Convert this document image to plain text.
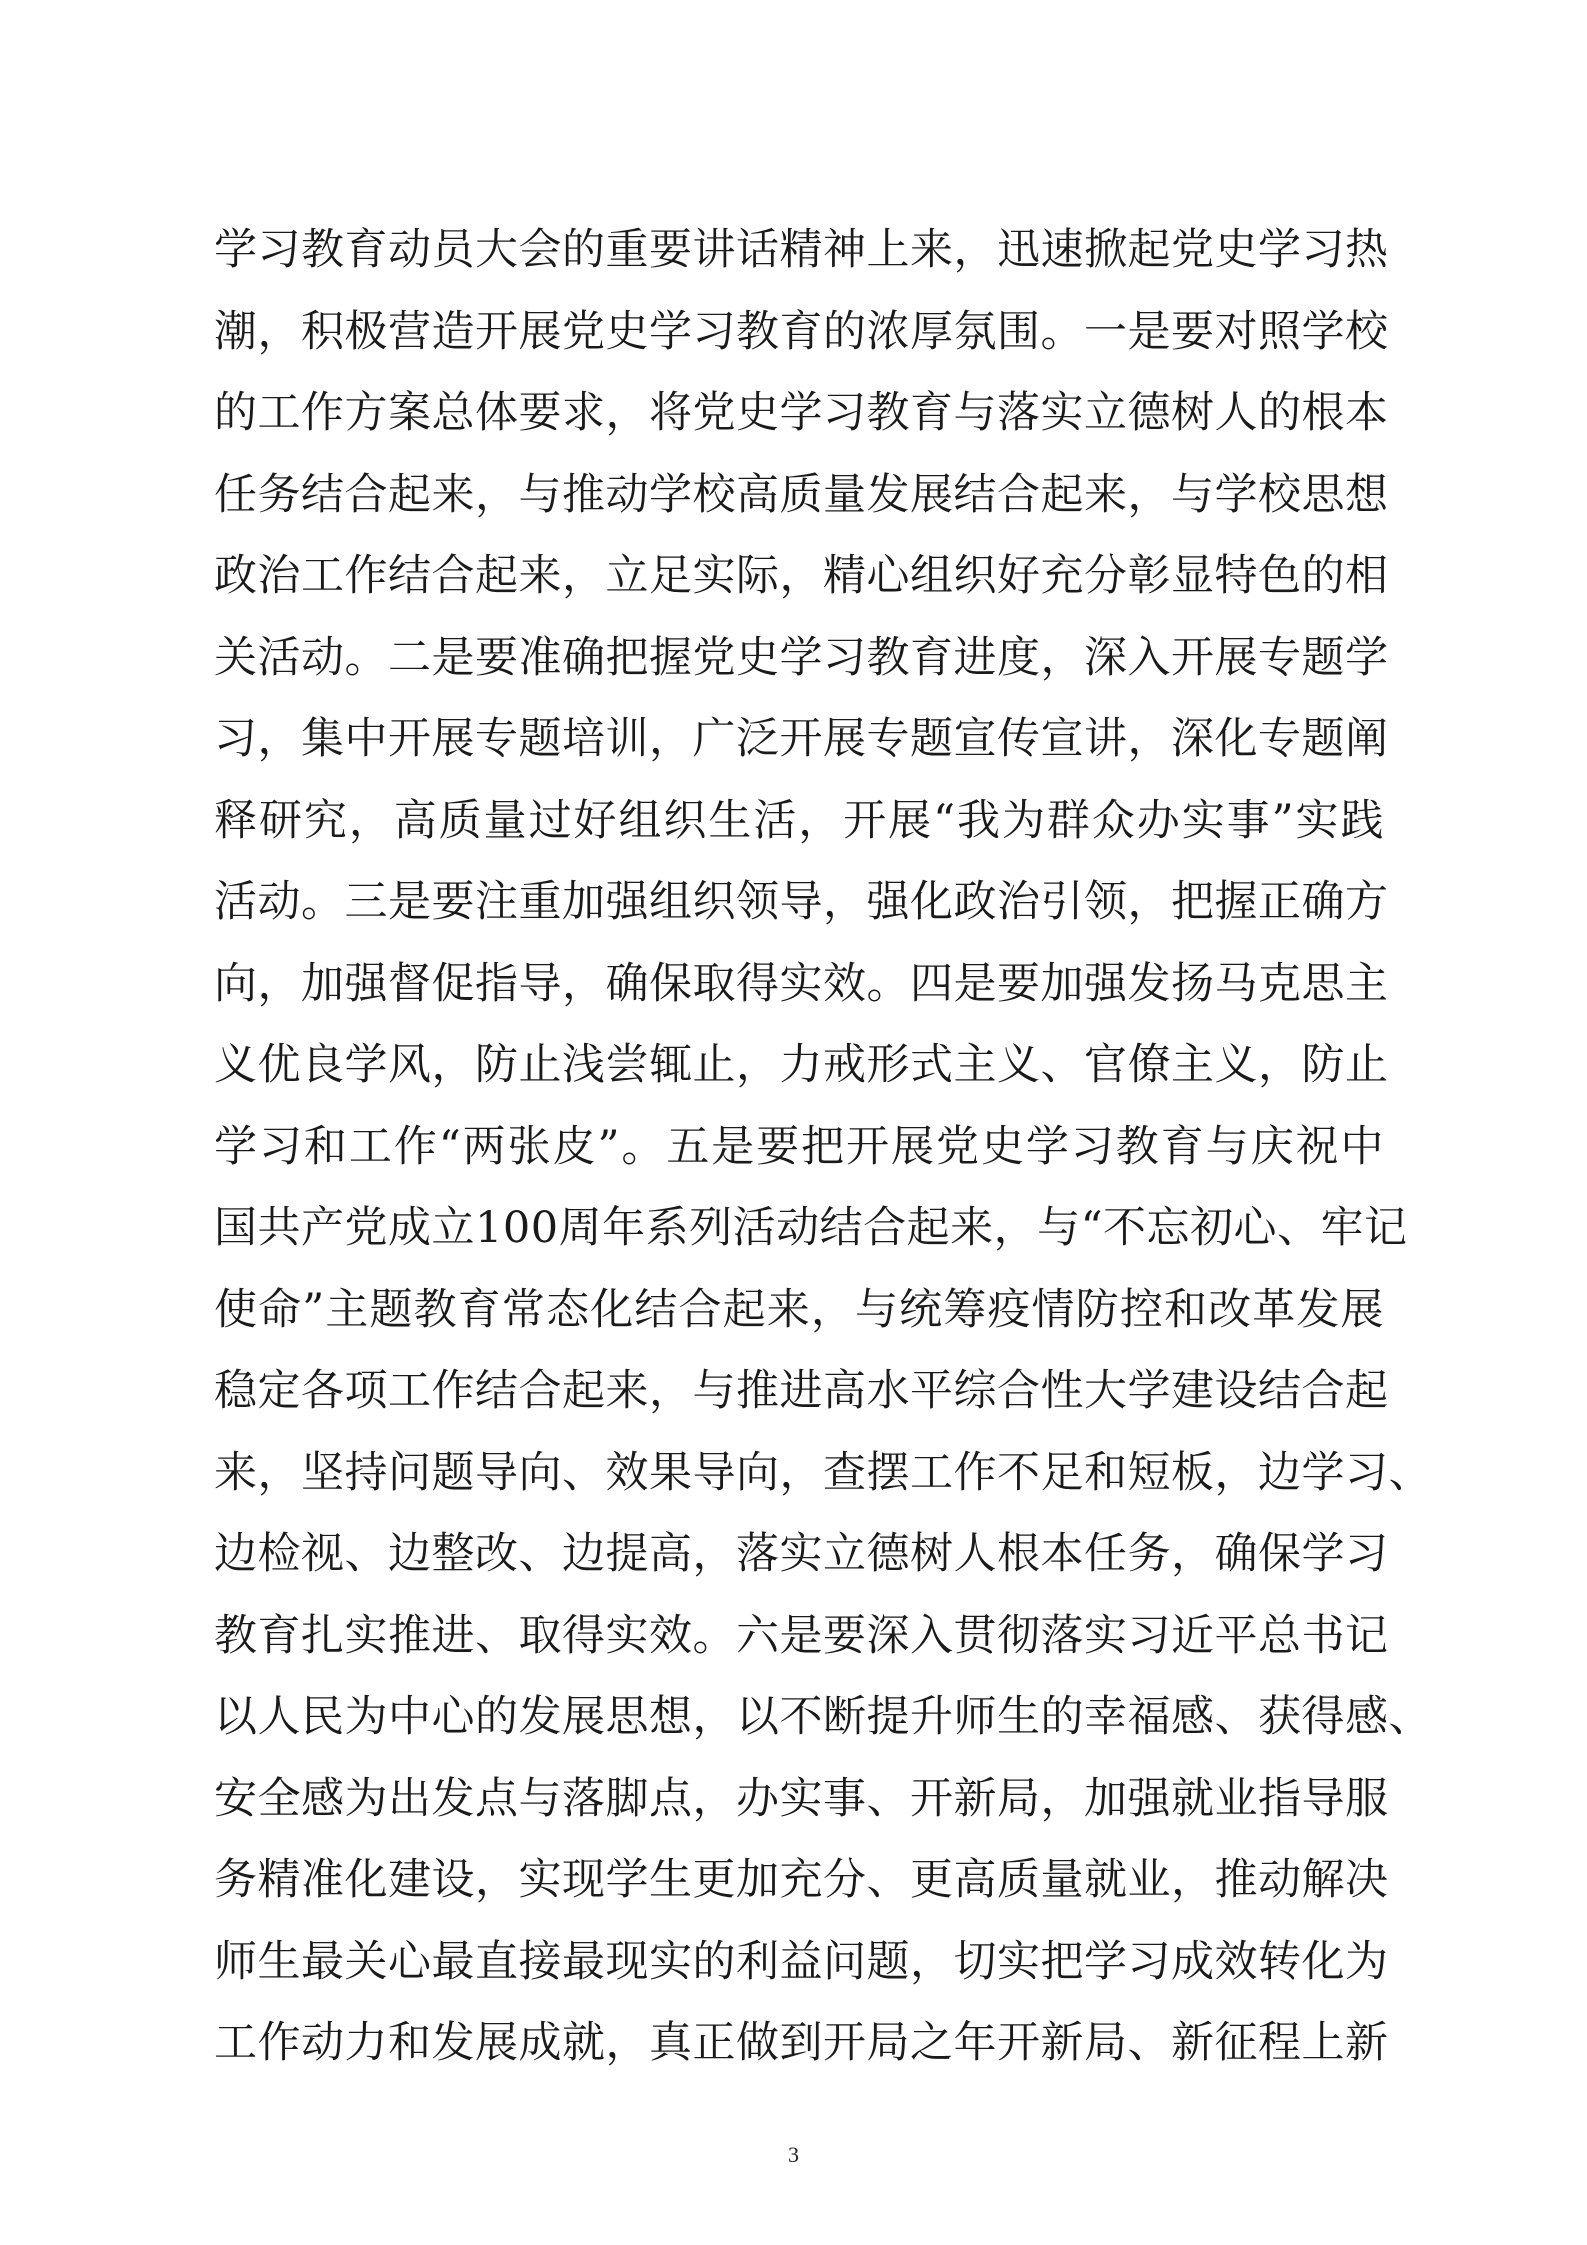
学习教育动员大会的重要讲话精神上来，迅速掀起党史学习热
潮，积极营造开展党史学习教育的浓厚氛围。一是要对照学校
的工作方案总体要求，将党史学习教育与落实立德树人的根本
任务结合起来，与推动学校高质量发展结合起来，与学校思想
政治工作结合起来，立足实际，精心组织好充分彰显特色的相
关活动。二是要准确把握党史学习教育进度，深入开展专题学
习，集中开展专题培训，广泛开展专题宣传宣讲，深化专题阐
释研究，高质量过好组织生活，开展“我为群众办实事”实践
活动。三是要注重加强组织领导，强化政治引领，把握正确方
向，加强督促指导，确保取得实效。四是要加强发扬马克思主
义优良学风，防止浅尝辄止，力戒形式主义、官僚主义，防止
学习和工作“两张皮”。五是要把开展党史学习教育与庆祝中
国共产党成立100周年系列活动结合起来，与“不忘初心、牢记
使命”主题教育常态化结合起来，与统筹疫情防控和改革发展
稳定各项工作结合起来，与推进高水平综合性大学建设结合起
来，坚持问题导向、效果导向，查摆工作不足和短板，边学习、
边检视、边整改、边提高，落实立德树人根本任务，确保学习
教育扎实推进、取得实效。六是要深入贯彻落实习近平总书记
以人民为中心的发展思想，以不断提升师生的幸福感、获得感、
安全感为出发点与落脚点，办实事、开新局，加强就业指导服
务精准化建设，实现学生更加充分、更高质量就业，推动解决
师生最关心最直接最现实的利益问题，切实把学习成效转化为
工作动力和发展成就，真正做到开局之年开新局、新征程上新
3
